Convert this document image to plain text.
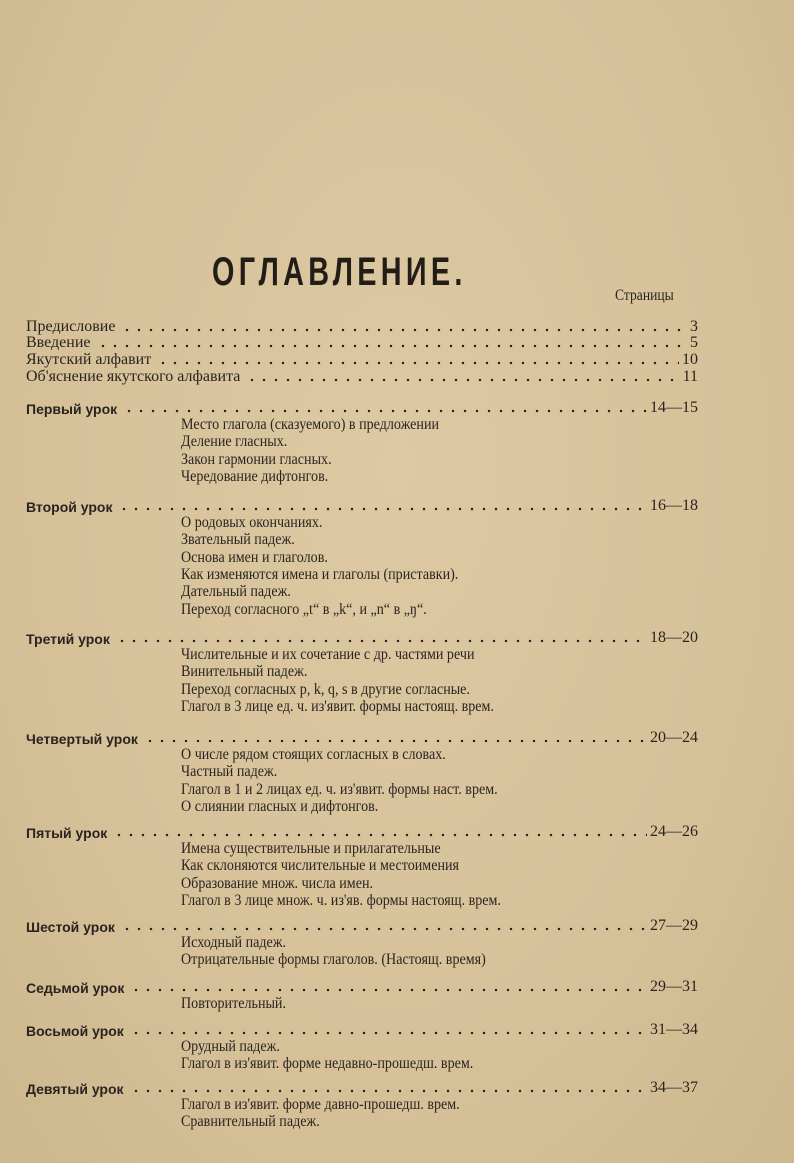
ОГЛАВЛЕНИЕ.
Страницы
Предисловие	3
Введение	5
Якутский алфавит	10
Об'яснение якутского алфавита	11
Первый урок	14—15
Место глагола (сказуемого) в предложении
Деление гласных.
Закон гармонии гласных.
Чередование дифтонгов.
Второй урок	16—18
О родовых окончаниях.
Звательный падеж.
Основа имен и глаголов.
Как изменяются имена и глаголы (приставки).
Дательный падеж.
Переход согласного „t“ в „k“, и „n“ в „ŋ“.
Третий урок	18—20
Числительные и их сочетание с др. частями речи
Винительный падеж.
Переход согласных p, k, q, s в другие согласные.
Глагол в 3 лице ед. ч. из'явит. формы настоящ. врем.
Четвертый урок	20—24
О числе рядом стоящих согласных в словах.
Частный падеж.
Глагол в 1 и 2 лицах ед. ч. из'явит. формы наст. врем.
О слиянии гласных и дифтонгов.
Пятый урок	24—26
Имена существительные и прилагательные
Как склоняются числительные и местоимения
Образование множ. числа имен.
Глагол в 3 лице множ. ч. из'яв. формы настоящ. врем.
Шестой урок	27—29
Исходный падеж.
Отрицательные формы глаголов. (Настоящ. время)
Седьмой урок	29—31
Повторительный.
Восьмой урок	31—34
Орудный падеж.
Глагол в из'явит. форме недавно-прошедш. врем.
Девятый урок	34—37
Глагол в из'явит. форме давно-прошедш. врем.
Сравнительный падеж.
